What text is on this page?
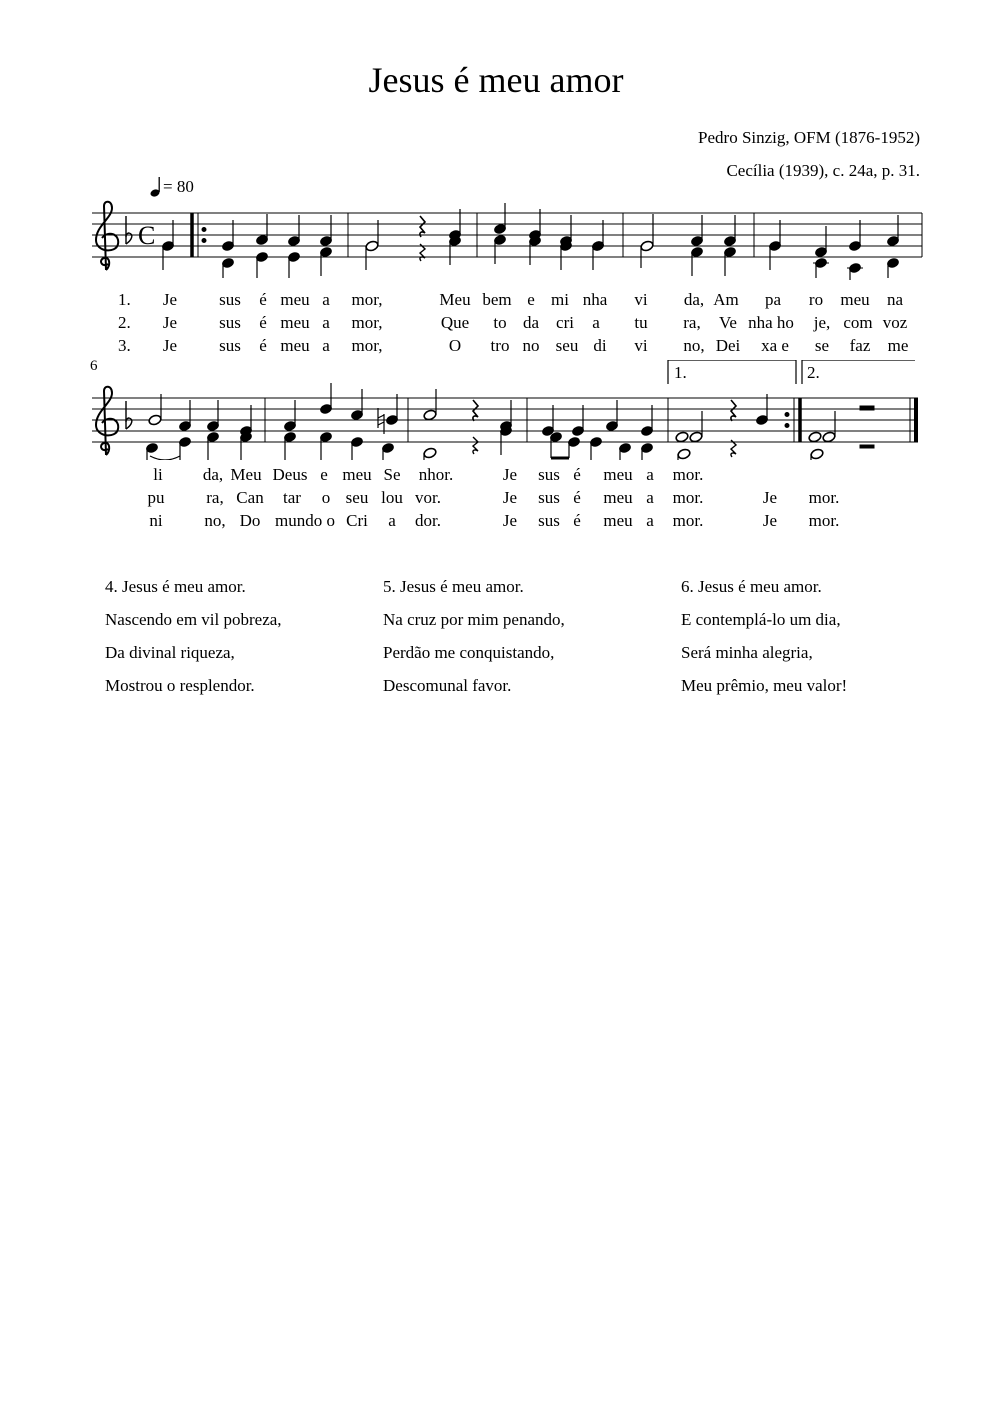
Jesus é meu amor
Pedro Sinzig, OFM (1876-1952)
Cecília (1939), c. 24a, p. 31.
= 80
C
1. Je sus é meu a mor,	Meu bem e mi nha vi da, Am pa ro meu na
2. Je sus é meu a mor,	Que to da cri a tu ra, Ve nha ho je, com voz
3. Je sus é meu a mor,	O tro no seu di vi no, Dei xa e se faz me
6	1.	2.
li da, Meu Deus e meu Se nhor.	Je sus é meu a mor.
pu ra, Can tar o seu lou vor.	Je sus é meu a mor.	Je mor.
ni no, Do mundo o Cri a dor.	Je sus é meu a mor.	Je mor.
4. Jesus é meu amor.
Nascendo em vil pobreza,
Da divinal riqueza,
Mostrou o resplendor.
5. Jesus é meu amor.
Na cruz por mim penando,
Perdão me conquistando,
Descomunal favor.
6. Jesus é meu amor.
E contemplá-lo um dia,
Será minha alegria,
Meu prêmio, meu valor!
